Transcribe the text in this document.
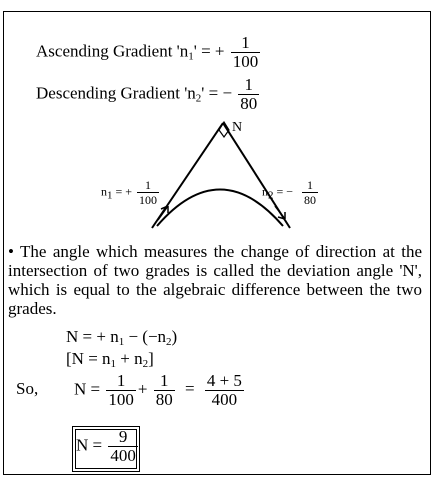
Ascending Gradient '$n_1$' = + $\frac{1}{100}$
Descending Gradient '$n_2$' = − $\frac{1}{80}$
N
$n_1$ = + $\frac{1}{100}$	$n_2$ = − $\frac{1}{80}$
• The angle which measures the change of direction at the intersection of two grades is called the deviation angle 'N', which is equal to the algebraic difference between the two grades.
N = + $n_1 - (-n_2)$
$[N = n_1 + n_2]$
So, $N = \frac{1}{100} + \frac{1}{80} = \frac{4 + 5}{400}$
$N = \frac{9}{400}$
